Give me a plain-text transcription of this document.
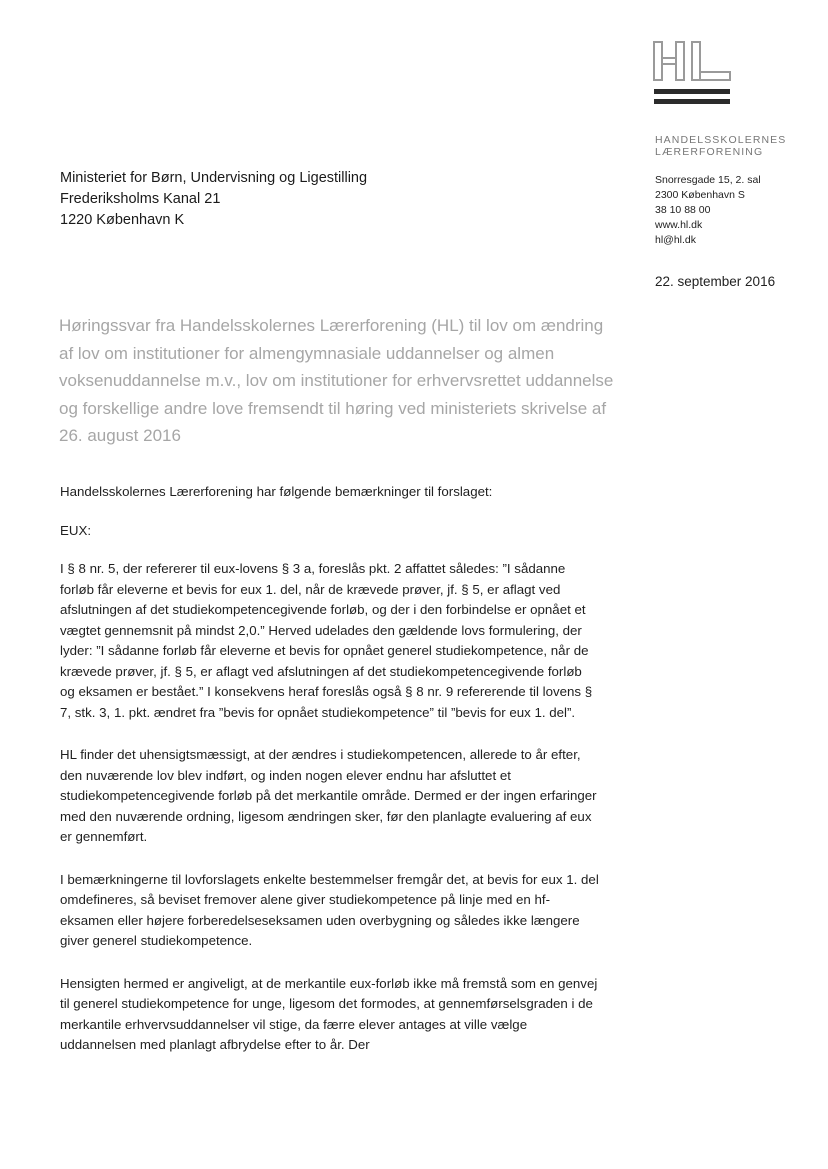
HANDELSSKOLERNES
LÆRERFORENING
Snorresgade 15, 2. sal
2300 København S
38 10 88 00
www.hl.dk
hl@hl.dk
22. september 2016
Ministeriet for Børn, Undervisning og Ligestilling
Frederiksholms Kanal 21
1220 København K
Høringssvar fra Handelsskolernes Lærerforening (HL) til lov om ændring af lov om institutioner for almengymnasiale uddannelser og almen voksenuddannelse m.v., lov om institutioner for erhvervsrettet uddannelse og forskellige andre love fremsendt til høring ved ministeriets skrivelse af 26. august 2016

Handelsskolernes Lærerforening har følgende bemærkninger til forslaget:

EUX:

I § 8 nr. 5, der refererer til eux-lovens § 3 a, foreslås pkt. 2 affattet således: ”I sådanne forløb får eleverne et bevis for eux 1. del, når de krævede prøver, jf. § 5, er aflagt ved afslutningen af det studiekompetencegivende forløb, og der i den forbindelse er opnået et vægtet gennemsnit på mindst 2,0.” Herved udelades den gældende lovs formulering, der lyder: ”I sådanne forløb får eleverne et bevis for opnået generel studiekompetence, når de krævede prøver, jf. § 5, er aflagt ved afslutningen af det studiekompetencegivende forløb og eksamen er bestået.” I konsekvens heraf foreslås også § 8 nr. 9 refererende til lovens § 7, stk. 3, 1. pkt. ændret fra ”bevis for opnået studiekompetence” til ”bevis for eux 1. del”.

HL finder det uhensigtsmæssigt, at der ændres i studiekompetencen, allerede to år efter, den nuværende lov blev indført, og inden nogen elever endnu har afsluttet et studiekompetencegivende forløb på det merkantile område. Dermed er der ingen erfaringer med den nuværende ordning, ligesom ændringen sker, før den planlagte evaluering af eux er gennemført.

I bemærkningerne til lovforslagets enkelte bestemmelser fremgår det, at bevis for eux 1. del omdefineres, så beviset fremover alene giver studiekompetence på linje med en hf-eksamen eller højere forberedelseseksamen uden overbygning og således ikke længere giver generel studiekompetence.

Hensigten hermed er angiveligt, at de merkantile eux-forløb ikke må fremstå som en genvej til generel studiekompetence for unge, ligesom det formodes, at gennemførselsgraden i de merkantile erhvervsuddannelser vil stige, da færre elever antages at ville vælge uddannelsen med planlagt afbrydelse efter to år. Der
